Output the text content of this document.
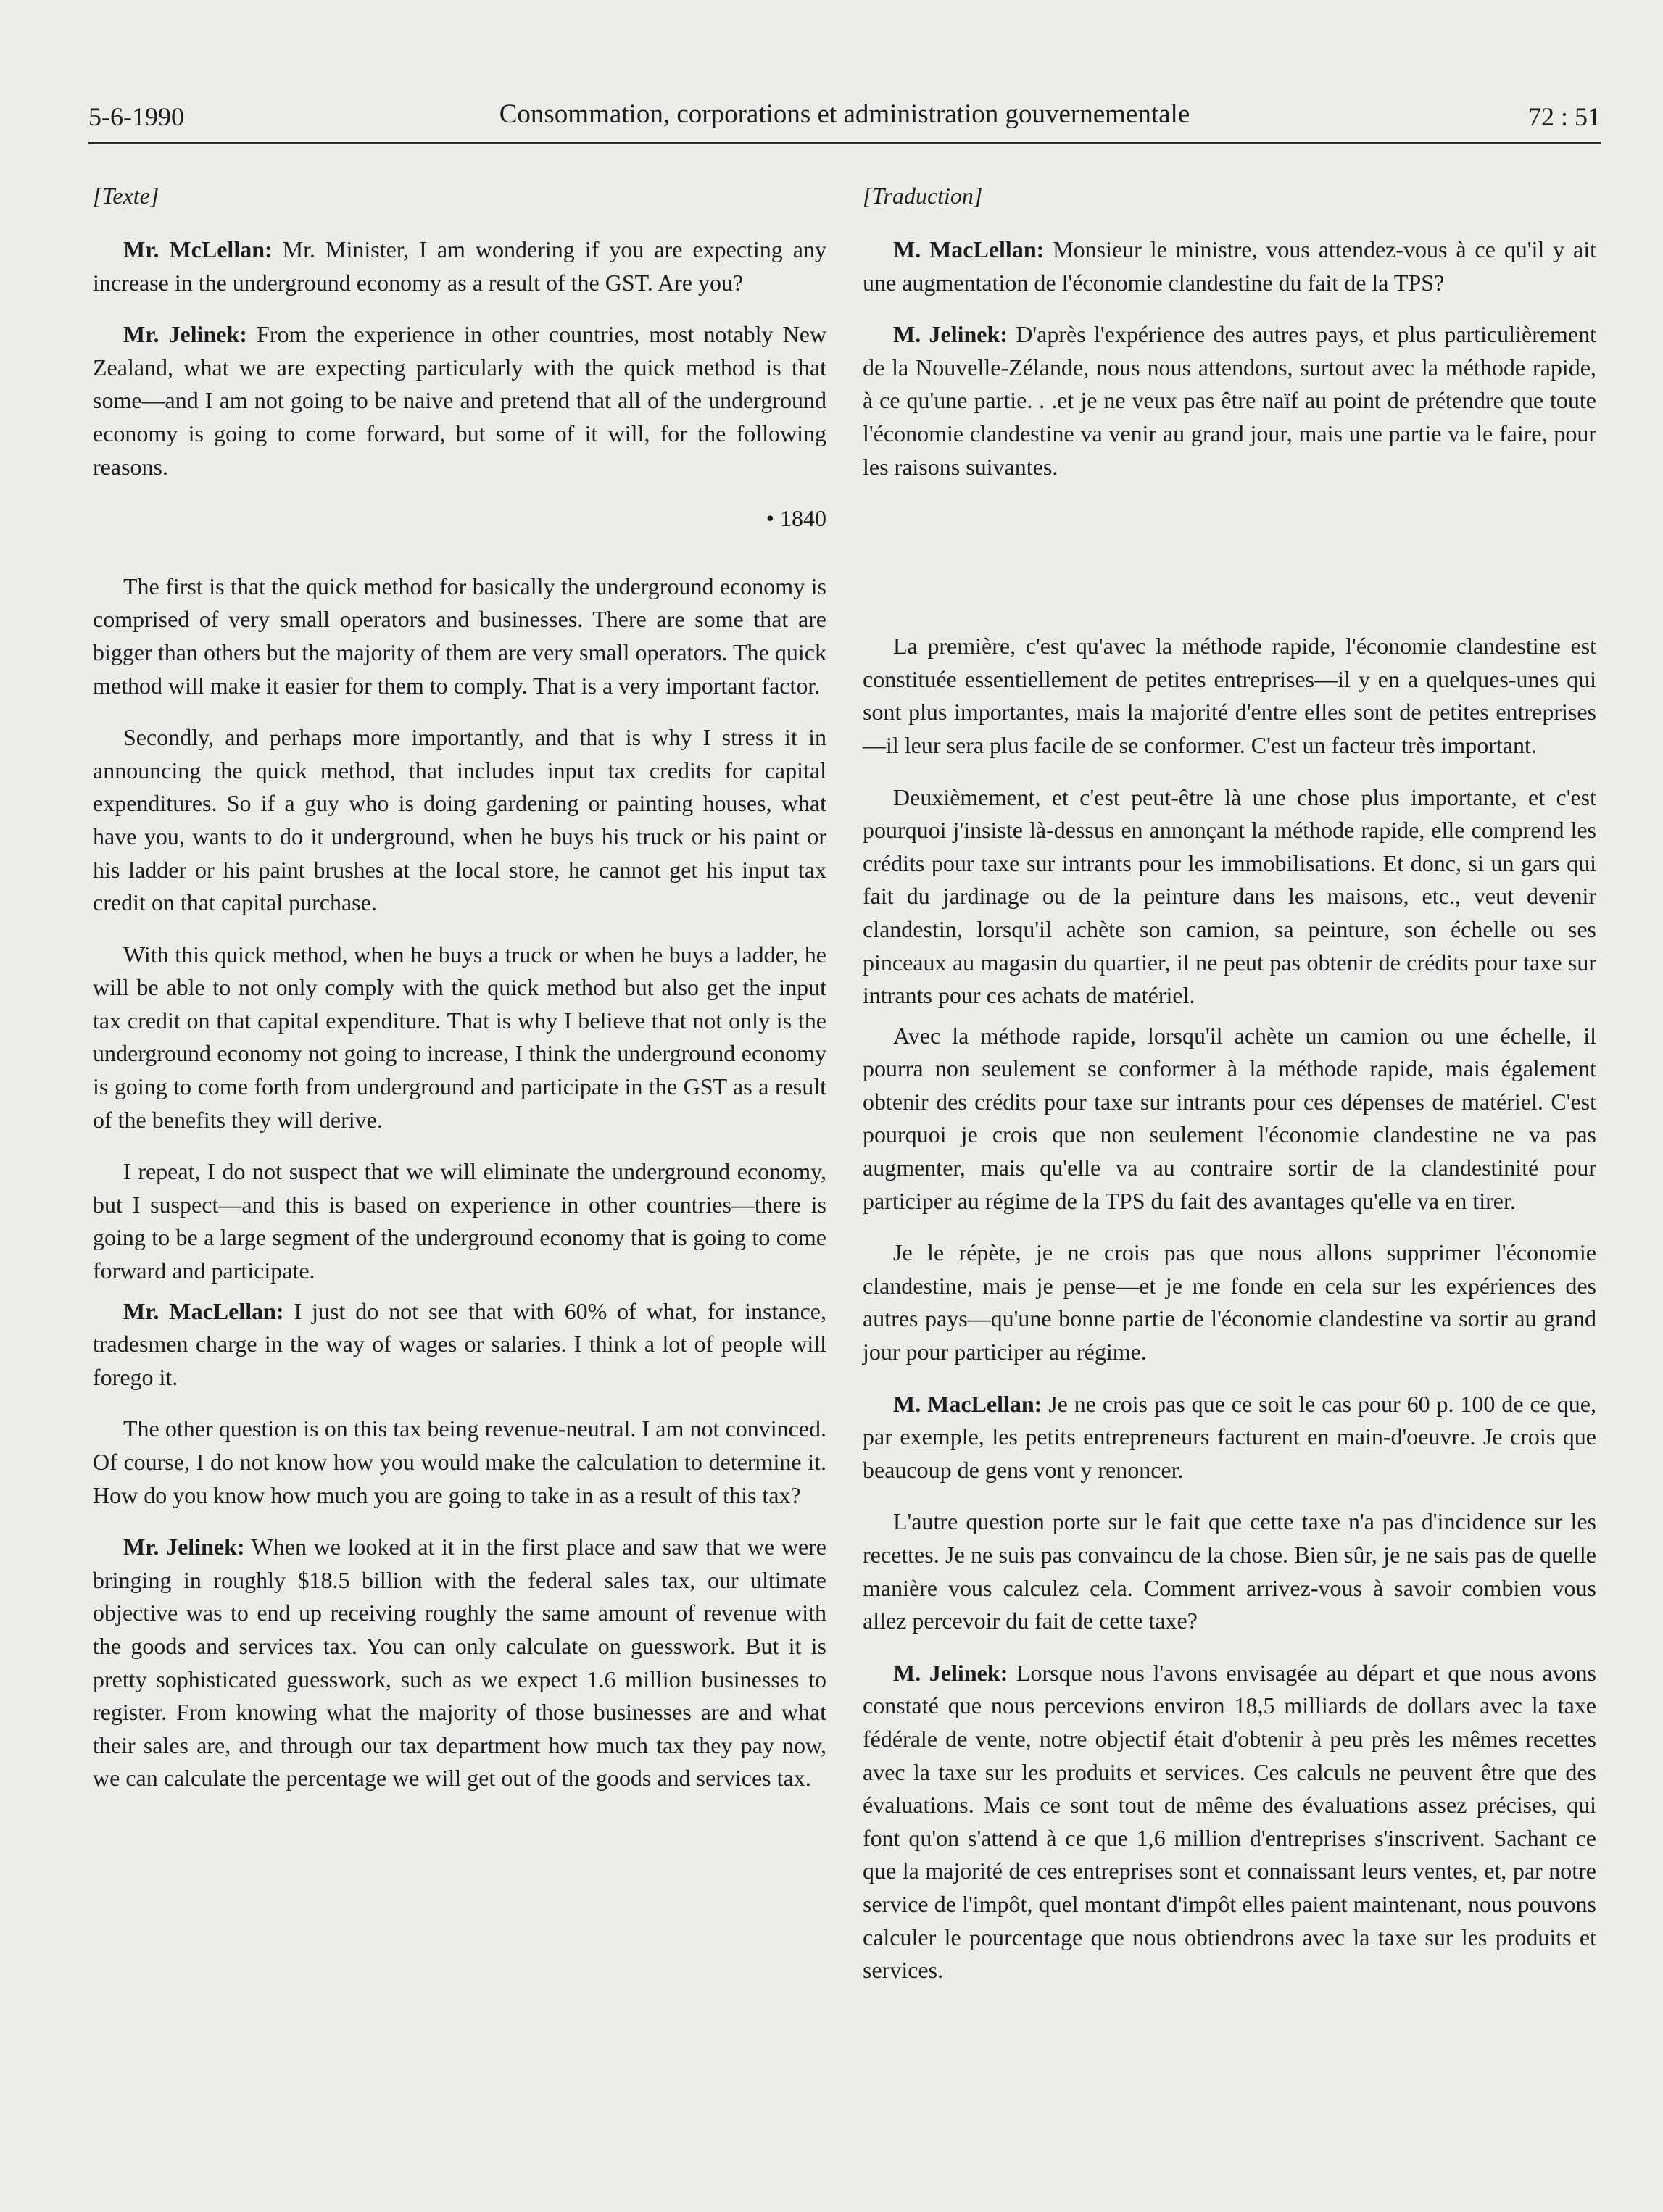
5-6-1990	Consommation, corporations et administration gouvernementale	72 : 51
[Texte]

Mr. McLellan: Mr. Minister, I am wondering if you are expecting any increase in the underground economy as a result of the GST. Are you?

Mr. Jelinek: From the experience in other countries, most notably New Zealand, what we are expecting particularly with the quick method is that some—and I am not going to be naive and pretend that all of the underground economy is going to come forward, but some of it will, for the following reasons.

• 1840

The first is that the quick method for basically the underground economy is comprised of very small operators and businesses. There are some that are bigger than others but the majority of them are very small operators. The quick method will make it easier for them to comply. That is a very important factor.

Secondly, and perhaps more importantly, and that is why I stress it in announcing the quick method, that includes input tax credits for capital expenditures. So if a guy who is doing gardening or painting houses, what have you, wants to do it underground, when he buys his truck or his paint or his ladder or his paint brushes at the local store, he cannot get his input tax credit on that capital purchase.

With this quick method, when he buys a truck or when he buys a ladder, he will be able to not only comply with the quick method but also get the input tax credit on that capital expenditure. That is why I believe that not only is the underground economy not going to increase, I think the underground economy is going to come forth from underground and participate in the GST as a result of the benefits they will derive.

I repeat, I do not suspect that we will eliminate the underground economy, but I suspect—and this is based on experience in other countries—there is going to be a large segment of the underground economy that is going to come forward and participate.

Mr. MacLellan: I just do not see that with 60% of what, for instance, tradesmen charge in the way of wages or salaries. I think a lot of people will forego it.

The other question is on this tax being revenue-neutral. I am not convinced. Of course, I do not know how you would make the calculation to determine it. How do you know how much you are going to take in as a result of this tax?

Mr. Jelinek: When we looked at it in the first place and saw that we were bringing in roughly $18.5 billion with the federal sales tax, our ultimate objective was to end up receiving roughly the same amount of revenue with the goods and services tax. You can only calculate on guesswork. But it is pretty sophisticated guesswork, such as we expect 1.6 million businesses to register. From knowing what the majority of those businesses are and what their sales are, and through our tax department how much tax they pay now, we can calculate the percentage we will get out of the goods and services tax.

[Traduction]

M. MacLellan: Monsieur le ministre, vous attendez-vous à ce qu'il y ait une augmentation de l'économie clandestine du fait de la TPS?

M. Jelinek: D'après l'expérience des autres pays, et plus particulièrement de la Nouvelle-Zélande, nous nous attendons, surtout avec la méthode rapide, à ce qu'une partie. . .et je ne veux pas être naïf au point de prétendre que toute l'économie clandestine va venir au grand jour, mais une partie va le faire, pour les raisons suivantes.

La première, c'est qu'avec la méthode rapide, l'économie clandestine est constituée essentiellement de petites entreprises—il y en a quelques-unes qui sont plus importantes, mais la majorité d'entre elles sont de petites entreprises—il leur sera plus facile de se conformer. C'est un facteur très important.

Deuxièmement, et c'est peut-être là une chose plus importante, et c'est pourquoi j'insiste là-dessus en annonçant la méthode rapide, elle comprend les crédits pour taxe sur intrants pour les immobilisations. Et donc, si un gars qui fait du jardinage ou de la peinture dans les maisons, etc., veut devenir clandestin, lorsqu'il achète son camion, sa peinture, son échelle ou ses pinceaux au magasin du quartier, il ne peut pas obtenir de crédits pour taxe sur intrants pour ces achats de matériel.

Avec la méthode rapide, lorsqu'il achète un camion ou une échelle, il pourra non seulement se conformer à la méthode rapide, mais également obtenir des crédits pour taxe sur intrants pour ces dépenses de matériel. C'est pourquoi je crois que non seulement l'économie clandestine ne va pas augmenter, mais qu'elle va au contraire sortir de la clandestinité pour participer au régime de la TPS du fait des avantages qu'elle va en tirer.

Je le répète, je ne crois pas que nous allons supprimer l'économie clandestine, mais je pense—et je me fonde en cela sur les expériences des autres pays—qu'une bonne partie de l'économie clandestine va sortir au grand jour pour participer au régime.

M. MacLellan: Je ne crois pas que ce soit le cas pour 60 p. 100 de ce que, par exemple, les petits entrepreneurs facturent en main-d'oeuvre. Je crois que beaucoup de gens vont y renoncer.

L'autre question porte sur le fait que cette taxe n'a pas d'incidence sur les recettes. Je ne suis pas convaincu de la chose. Bien sûr, je ne sais pas de quelle manière vous calculez cela. Comment arrivez-vous à savoir combien vous allez percevoir du fait de cette taxe?

M. Jelinek: Lorsque nous l'avons envisagée au départ et que nous avons constaté que nous percevions environ 18,5 milliards de dollars avec la taxe fédérale de vente, notre objectif était d'obtenir à peu près les mêmes recettes avec la taxe sur les produits et services. Ces calculs ne peuvent être que des évaluations. Mais ce sont tout de même des évaluations assez précises, qui font qu'on s'attend à ce que 1,6 million d'entreprises s'inscrivent. Sachant ce que la majorité de ces entreprises sont et connaissant leurs ventes, et, par notre service de l'impôt, quel montant d'impôt elles paient maintenant, nous pouvons calculer le pourcentage que nous obtiendrons avec la taxe sur les produits et services.
